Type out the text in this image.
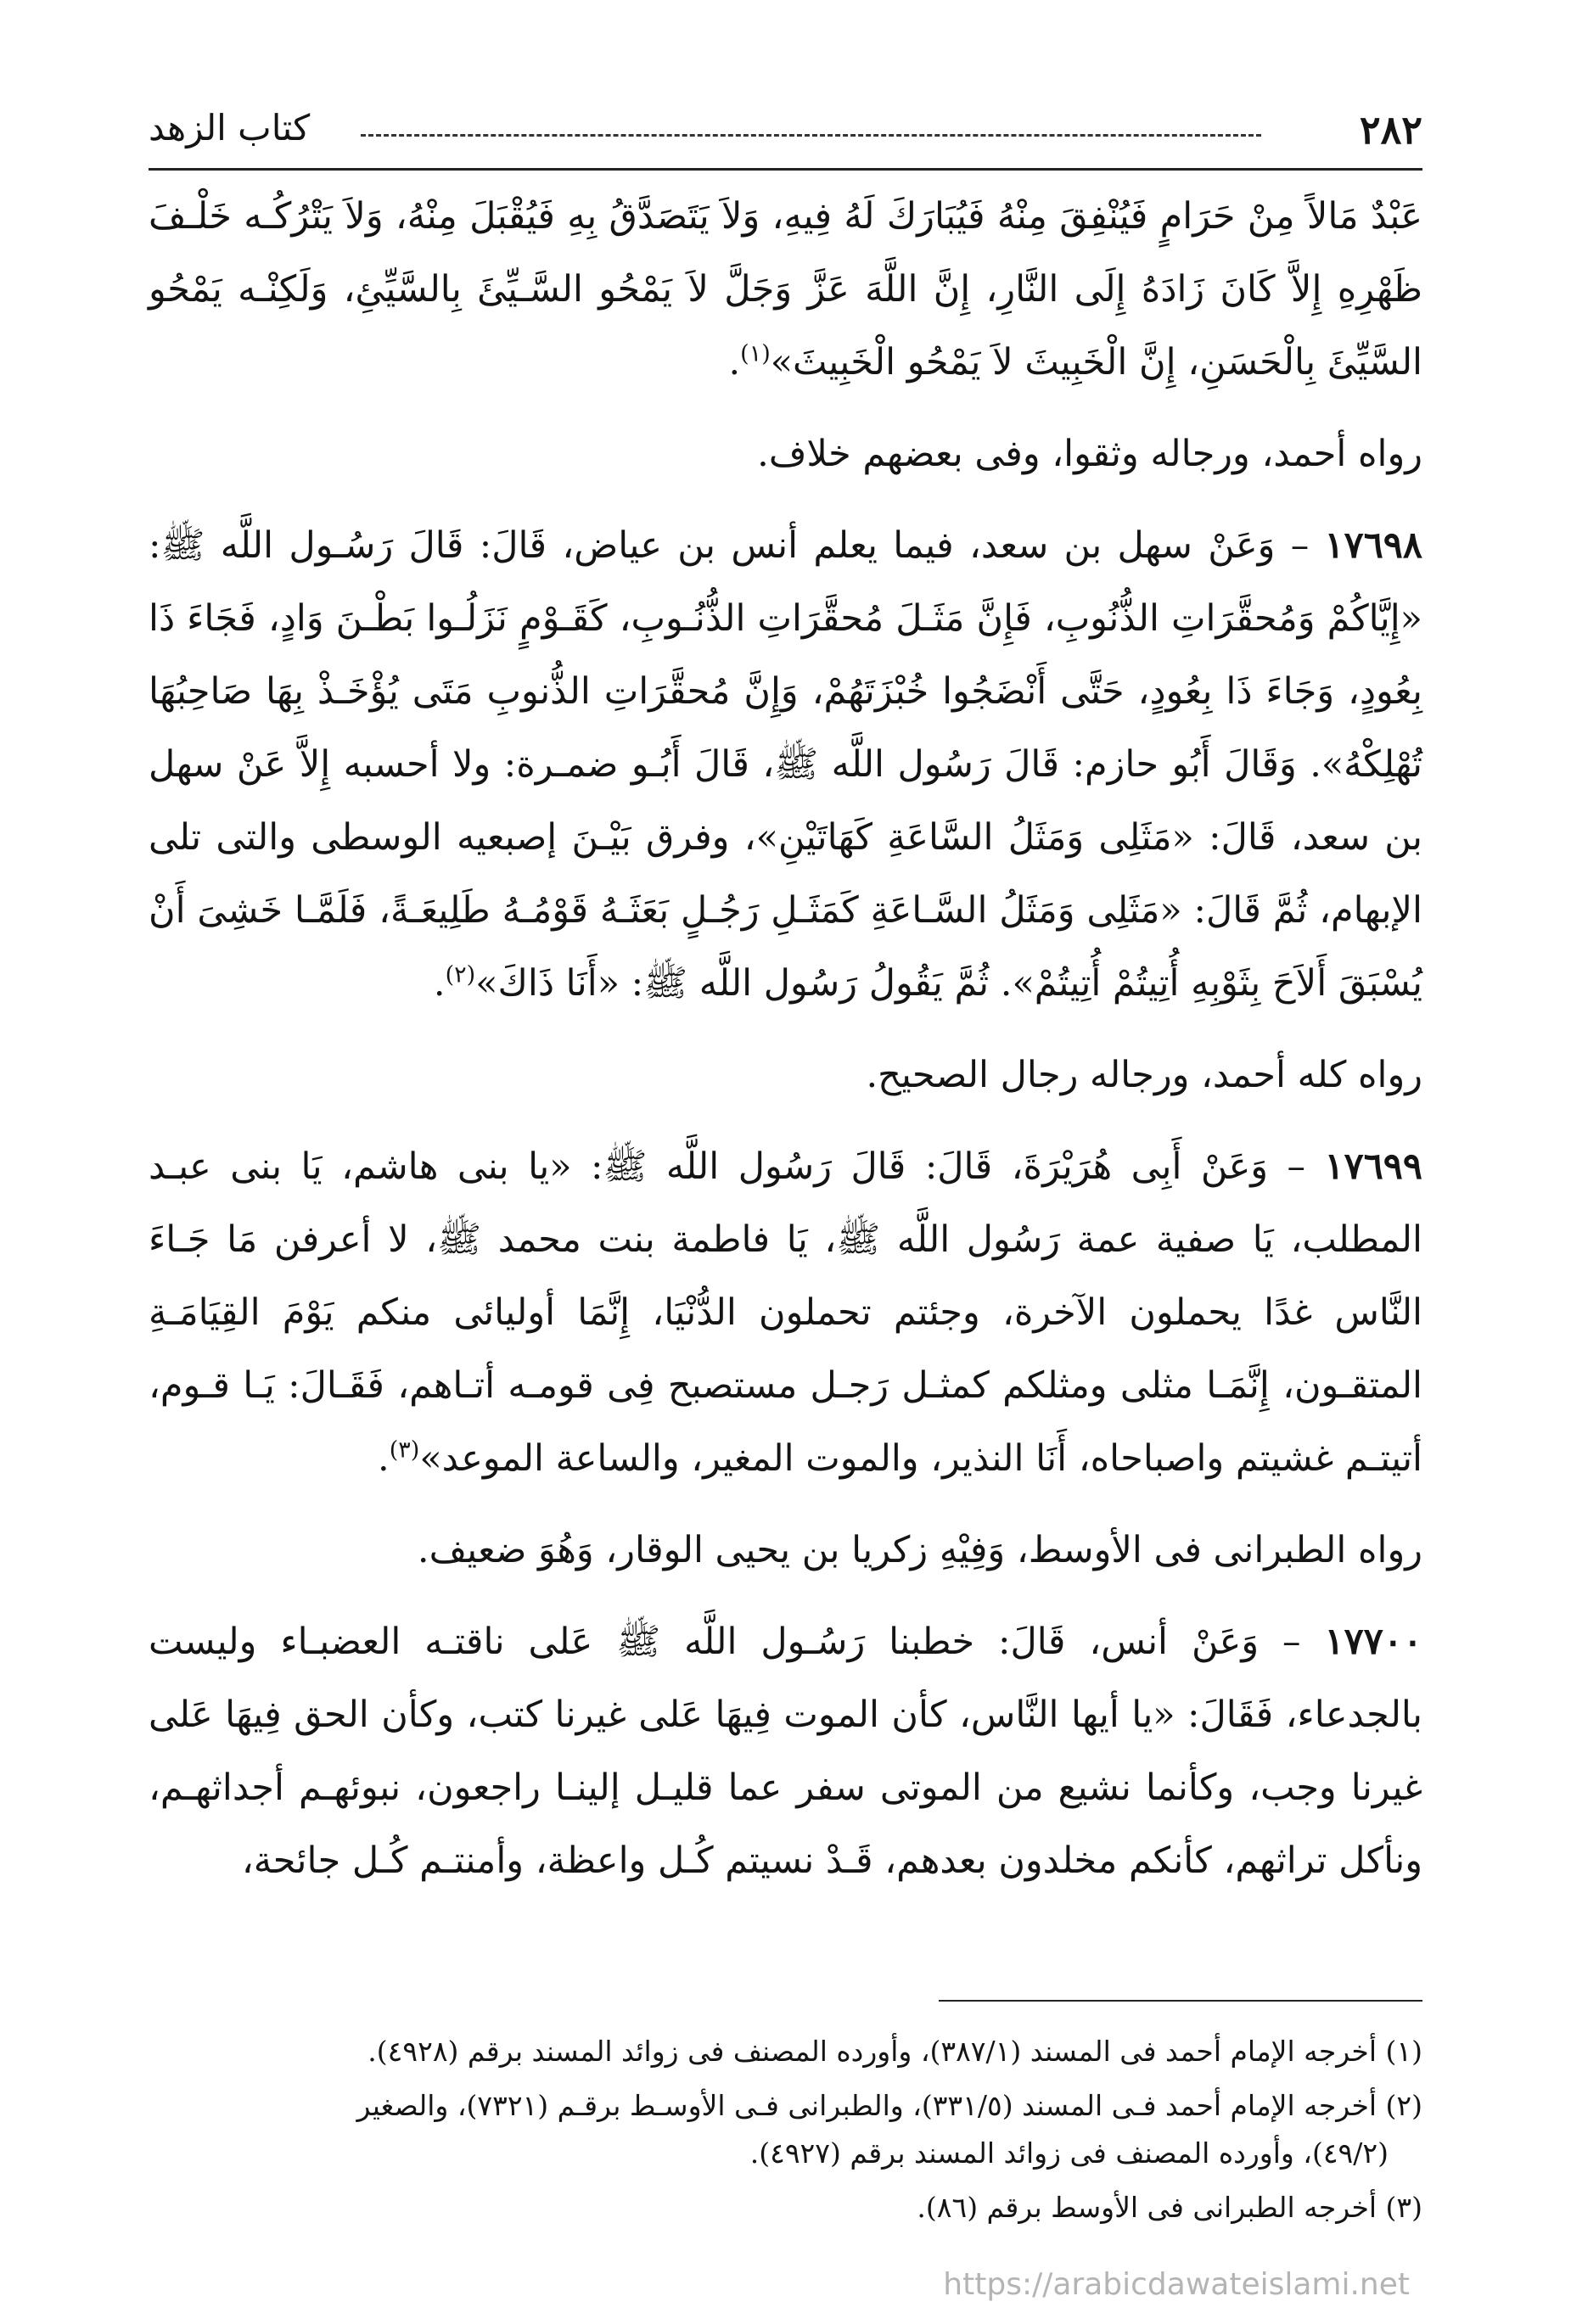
٢٨٢
كتاب الزهد

عَبْدٌ مَالاً مِنْ حَرَامٍ فَيُنْفِقَ مِنْهُ فَيُبَارَكَ لَهُ فِيهِ، وَلاَ يَتَصَدَّقُ بِهِ فَيُقْبَلَ مِنْهُ، وَلاَ يَتْرُكُـه خَلْـفَ ظَهْرِهِ إِلاَّ كَانَ زَادَهُ إِلَى النَّارِ، إِنَّ اللَّهَ عَزَّ وَجَلَّ لاَ يَمْحُو السَّـيِّئَ بِالسَّيِّئِ، وَلَكِنْـه يَمْحُو السَّيِّئَ بِالْحَسَنِ، إِنَّ الْخَبِيثَ لاَ يَمْحُو الْخَبِيثَ»$^{(١)}$.

رواه أحمد، ورجاله وثقوا، وفى بعضهم خلاف.

١٧٦٩٨ – وَعَنْ سهل بن سعد، فيما يعلم أنس بن عياض، قَالَ: قَالَ رَسُـول اللَّه ﷺ: «إِيَّاكُمْ وَمُحقَّرَاتِ الذُّنُوبِ، فَإِنَّ مَثَـلَ مُحقَّرَاتِ الذُّنُـوبِ، كَقَـوْمٍ نَزَلُـوا بَطْـنَ وَادٍ، فَجَاءَ ذَا بِعُودٍ، وَجَاءَ ذَا بِعُودٍ، حَتَّى أَنْضَجُوا خُبْزَتَهُمْ، وَإِنَّ مُحقَّرَاتِ الذُّنوبِ مَتَى يُؤْخَـذْ بِهَا صَاحِبُهَا تُهْلِكْهُ». وَقَالَ أَبُو حازم: قَالَ رَسُول اللَّه ﷺ، قَالَ أَبُـو ضمـرة: ولا أحسبه إِلاَّ عَنْ سهل بن سعد، قَالَ: «مَثَلِى وَمَثَلُ السَّاعَةِ كَهَاتَيْنِ»، وفرق بَيْـنَ إصبعيه الوسطى والتى تلى الإبهام، ثُمَّ قَالَ: «مَثَلِى وَمَثَلُ السَّـاعَةِ كَمَثَـلِ رَجُـلٍ بَعَثَـهُ قَوْمُـهُ طَلِيعَـةً، فَلَمَّـا خَشِىَ أَنْ يُسْبَقَ أَلاَحَ بِثَوْبِهِ أُتِيتُمْ أُتِيتُمْ». ثُمَّ يَقُولُ رَسُول اللَّه ﷺ: «أَنَا ذَاكَ»$^{(٢)}$.

رواه كله أحمد، ورجاله رجال الصحيح.

١٧٦٩٩ – وَعَنْ أَبِى هُرَيْرَةَ، قَالَ: قَالَ رَسُول اللَّه ﷺ: «يا بنى هاشم، يَا بنى عبـد المطلب، يَا صفية عمة رَسُول اللَّه ﷺ، يَا فاطمة بنت محمد ﷺ، لا أعرفن مَا جَـاءَ النَّاس غدًا يحملون الآخرة، وجئتم تحملون الدُّنْيَا، إِنَّمَا أوليائى منكم يَوْمَ القِيَامَـةِ المتقـون، إِنَّمَـا مثلى ومثلكم كمثـل رَجـل مستصبح فِى قومـه أتـاهم، فَقَـالَ: يَـا قـوم، أتيتـم غشيتم واصباحاه، أَنَا النذير، والموت المغير، والساعة الموعد»$^{(٣)}$.

رواه الطبرانى فى الأوسط، وَفِيْهِ زكريا بن يحيى الوقار، وَهُوَ ضعيف.

١٧٧٠٠ – وَعَنْ أنس، قَالَ: خطبنا رَسُـول اللَّه ﷺ عَلى ناقتـه العضبـاء وليست بالجدعاء، فَقَالَ: «يا أيها النَّاس، كأن الموت فِيهَا عَلى غيرنا كتب، وكأن الحق فِيهَا عَلى غيرنا وجب، وكأنما نشيع من الموتى سفر عما قليـل إلينـا راجعون، نبوئهـم أجداثهـم، ونأكل تراثهم، كأنكم مخلدون بعدهم، قَـدْ نسيتم كُـل واعظة، وأمنتـم كُـل جائحة،

(١) أخرجه الإمام أحمد فى المسند (٣٨٧/١)، وأورده المصنف فى زوائد المسند برقم (٤٩٢٨).

(٢) أخرجه الإمام أحمد فـى المسند (٣٣١/٥)، والطبرانى فـى الأوسـط برقـم (٧٣٢١)، والصغير
(٤٩/٢)، وأورده المصنف فى زوائد المسند برقم (٤٩٢٧).

(٣) أخرجه الطبرانى فى الأوسط برقم (٨٦).

https://arabicdawateislami.net
